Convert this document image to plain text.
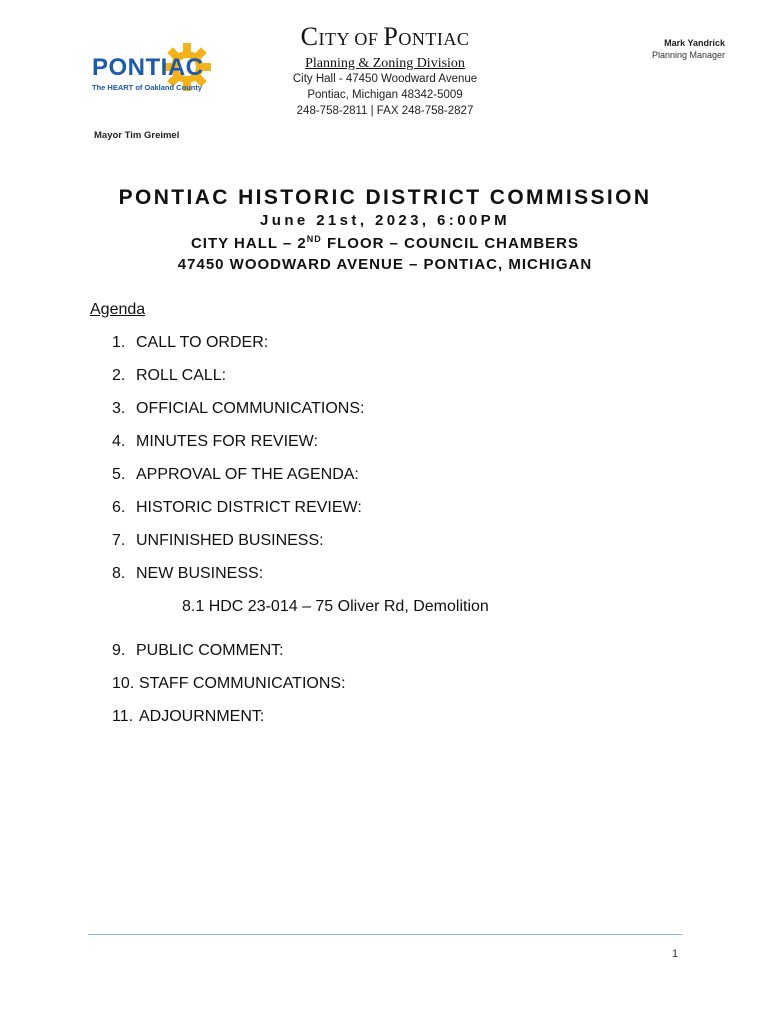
PONTIAC
The HEART of Oakland County
Mayor Tim Greimel
CITY OF PONTIAC
Planning & Zoning Division
City Hall - 47450 Woodward Avenue
Pontiac, Michigan 48342-5009
248-758-2811 | FAX 248-758-2827
Mark Yandrick
Planning Manager
PONTIAC HISTORIC DISTRICT COMMISSION
June 21st, 2023, 6:00PM
CITY HALL – 2ND FLOOR – COUNCIL CHAMBERS
47450 WOODWARD AVENUE – PONTIAC, MICHIGAN
Agenda
1. CALL TO ORDER:
2. ROLL CALL:
3. OFFICIAL COMMUNICATIONS:
4. MINUTES FOR REVIEW:
5. APPROVAL OF THE AGENDA:
6. HISTORIC DISTRICT REVIEW:
7. UNFINISHED BUSINESS:
8. NEW BUSINESS:
8.1 HDC 23-014 – 75 Oliver Rd, Demolition
9. PUBLIC COMMENT:
10. STAFF COMMUNICATIONS:
11. ADJOURNMENT:
1
